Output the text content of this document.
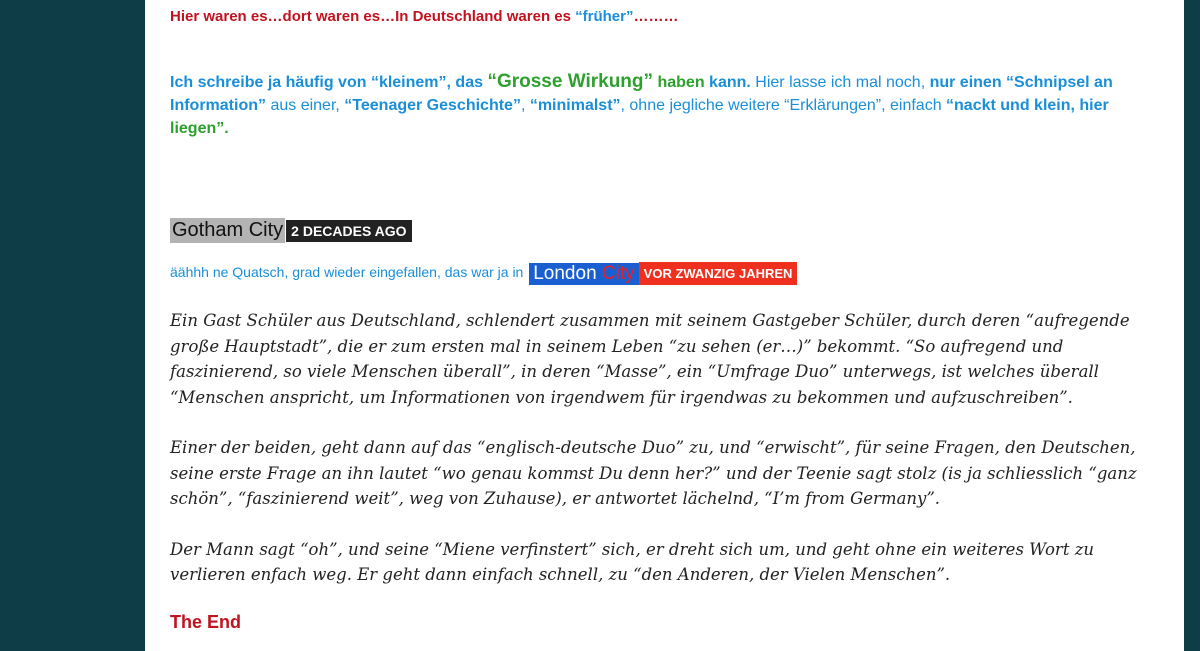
Hier waren es…dort waren es…In Deutschland waren es “früher”………
Ich schreibe ja häufig von “kleinem”, das “Grosse Wirkung” haben kann. Hier lasse ich mal noch, nur einen “Schnipsel an Information” aus einer, “Teenager Geschichte”, “minimalst”, ohne jegliche weitere “Erklärungen”, einfach “nackt und klein, hier liegen”.
Gotham City 2 DECADES AGO
äähhh ne Quatsch, grad wieder eingefallen, das war ja in London City VOR ZWANZIG JAHREN

Ein Gast Schüler aus Deutschland, schlendert zusammen mit seinem Gastgeber Schüler, durch deren “aufregende große Hauptstadt”, die er zum ersten mal in seinem Leben “zu sehen (er…)” bekommt. “So aufregend und faszinierend, so viele Menschen überall”, in deren “Masse”, ein “Umfrage Duo” unterwegs, ist welches überall “Menschen anspricht, um Informationen von irgendwem für irgendwas zu bekommen und aufzuschreiben”.

Einer der beiden, geht dann auf das “englisch-deutsche Duo” zu, und “erwischt”, für seine Fragen, den Deutschen, seine erste Frage an ihn lautet “wo genau kommst Du denn her?” und der Teenie sagt stolz (is ja schliesslich “ganz schön”, “faszinierend weit”, weg von Zuhause), er antwortet lächelnd, “I’m from Germany”.

Der Mann sagt “oh”, und seine “Miene verfinstert” sich, er dreht sich um, und geht ohne ein weiteres Wort zu verlieren enfach weg. Er geht dann einfach schnell, zu “den Anderen, der Vielen Menschen”.

The End
